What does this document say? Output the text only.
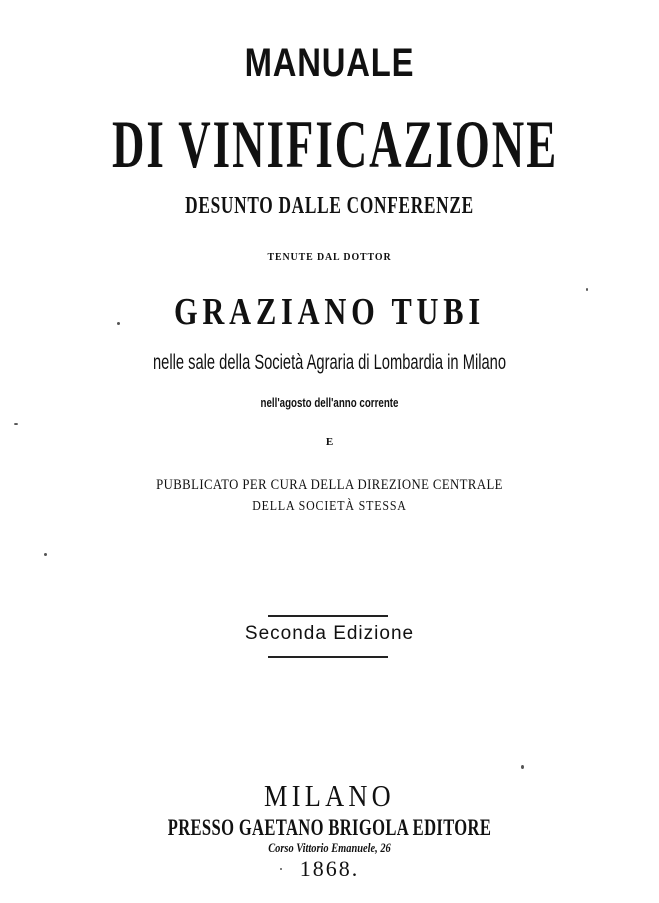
MANUALE
DI VINIFICAZIONE
DESUNTO DALLE CONFERENZE
TENUTE DAL DOTTOR
GRAZIANO TUBI
nelle sale della Società Agraria di Lombardia in Milano
nell'agosto dell'anno corrente
E
PUBBLICATO PER CURA DELLA DIREZIONE CENTRALE
DELLA SOCIETÀ STESSA
Seconda Edizione
MILANO
PRESSO GAETANO BRIGOLA EDITORE
Corso Vittorio Emanuele, 26
1868.
